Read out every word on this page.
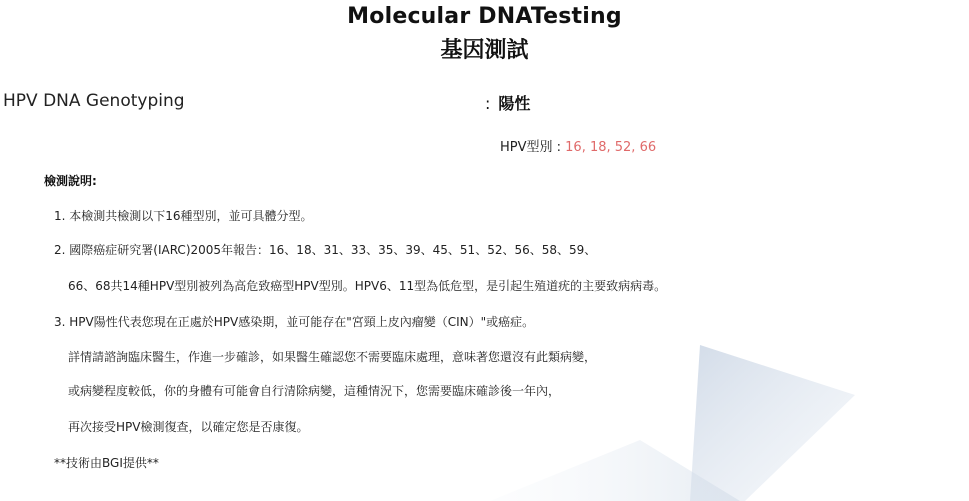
Molecular DNATesting
基因測試
HPV DNA Genotyping	: 陽性
HPV型別 : 16, 18, 52, 66
檢測說明:
1. 本檢測共檢測以下16種型別，並可具體分型。
2. 國際癌症研究署(IARC)2005年報告：16、18、31、33、35、39、45、51、52、56、58、59、
66、68共14種HPV型別被列為高危致癌型HPV型別。HPV6、11型為低危型，是引起生殖道疣的主要致病病毒。
3. HPV陽性代表您現在正處於HPV感染期，並可能存在"宮頸上皮內瘤變（CIN）"或癌症。
詳情請諮詢臨床醫生，作進一步確診，如果醫生確認您不需要臨床處理，意味著您還沒有此類病變，
或病變程度較低，你的身體有可能會自行清除病變，這種情況下，您需要臨床確診後一年內，
再次接受HPV檢測復查，以確定您是否康復。
**技術由BGI提供**
